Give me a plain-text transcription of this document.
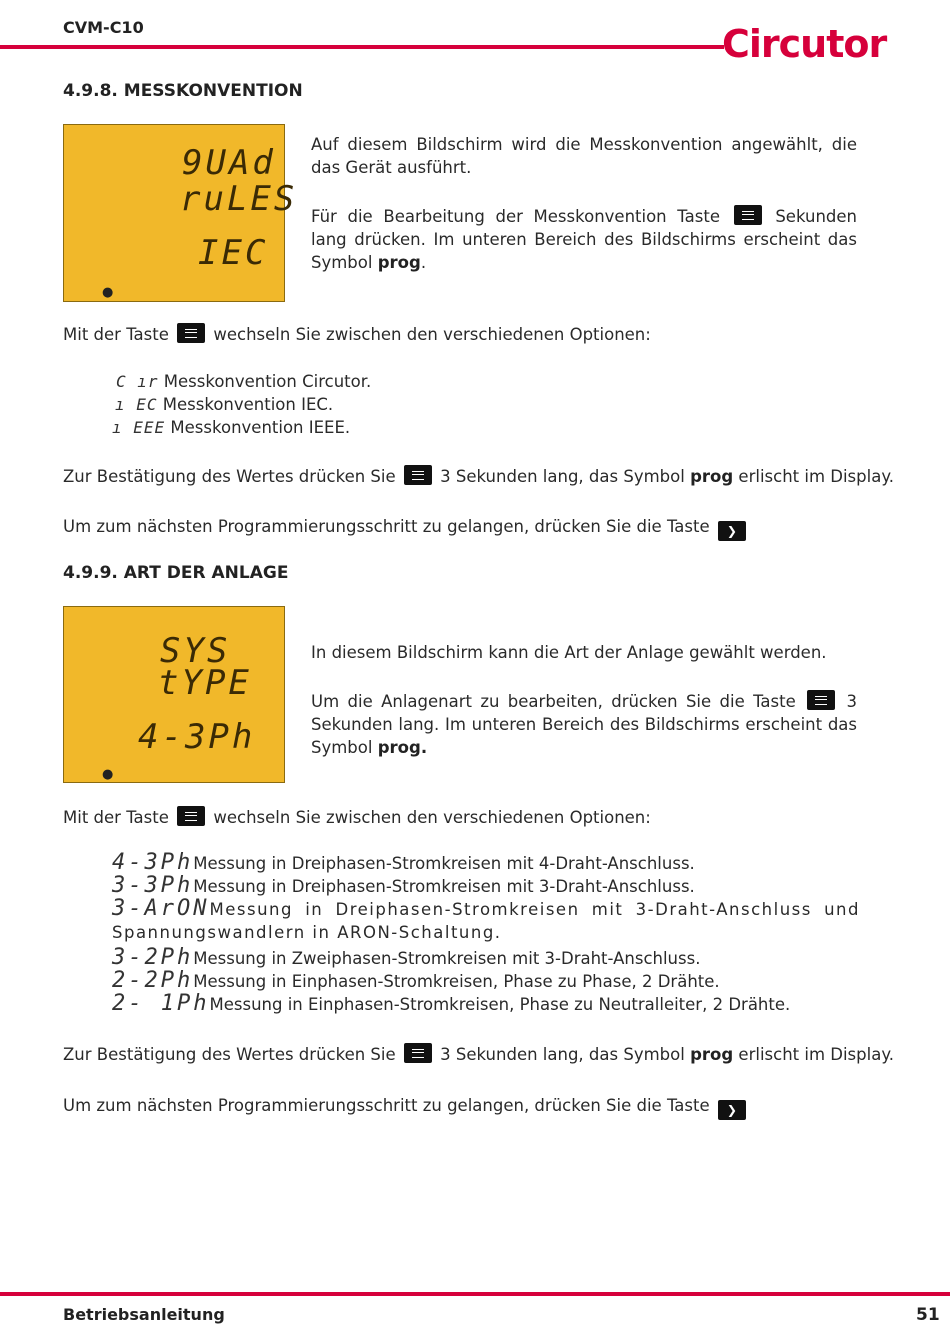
CVM-C10	Circutor
4.9.8. MESSKONVENTION
9UAd
ruLES
IEC
●
Auf diesem Bildschirm wird die Messkonvention angewählt, die das Gerät ausführt.
Für die Bearbeitung der Messkonvention Taste	Sekunden lang drücken. Im unteren Bereich des Bildschirms erscheint das Symbol prog.
Mit der Taste	wechseln Sie zwischen den verschiedenen Optionen:
C ır Messkonvention Circutor.
ı EC Messkonvention IEC.
ı EEE Messkonvention IEEE.
Zur Bestätigung des Wertes drücken Sie	3 Sekunden lang, das Symbol prog erlischt im Display.
Um zum nächsten Programmierungsschritt zu gelangen, drücken Sie die Taste ❯
4.9.9. ART DER ANLAGE
SYS
tYPE
4-3Ph
●
In diesem Bildschirm kann die Art der Anlage gewählt werden.
Um die Anlagenart zu bearbeiten, drücken Sie die Taste	3 Sekunden lang. Im unteren Bereich des Bildschirms erscheint das Symbol prog.
Mit der Taste	wechseln Sie zwischen den verschiedenen Optionen:
4-3PhMessung in Dreiphasen-Stromkreisen mit 4-Draht-Anschluss.
3-3PhMessung in Dreiphasen-Stromkreisen mit 3-Draht-Anschluss.
3-ArONMessung in Dreiphasen-Stromkreisen mit 3-Draht-Anschluss und Spannungswandlern in ARON-Schaltung.
3-2PhMessung in Zweiphasen-Stromkreisen mit 3-Draht-Anschluss.
2-2PhMessung in Einphasen-Stromkreisen, Phase zu Phase, 2 Drähte.
2- 1PhMessung in Einphasen-Stromkreisen, Phase zu Neutralleiter, 2 Drähte.
Zur Bestätigung des Wertes drücken Sie	3 Sekunden lang, das Symbol prog erlischt im Display.
Um zum nächsten Programmierungsschritt zu gelangen, drücken Sie die Taste ❯
Betriebsanleitung	51
